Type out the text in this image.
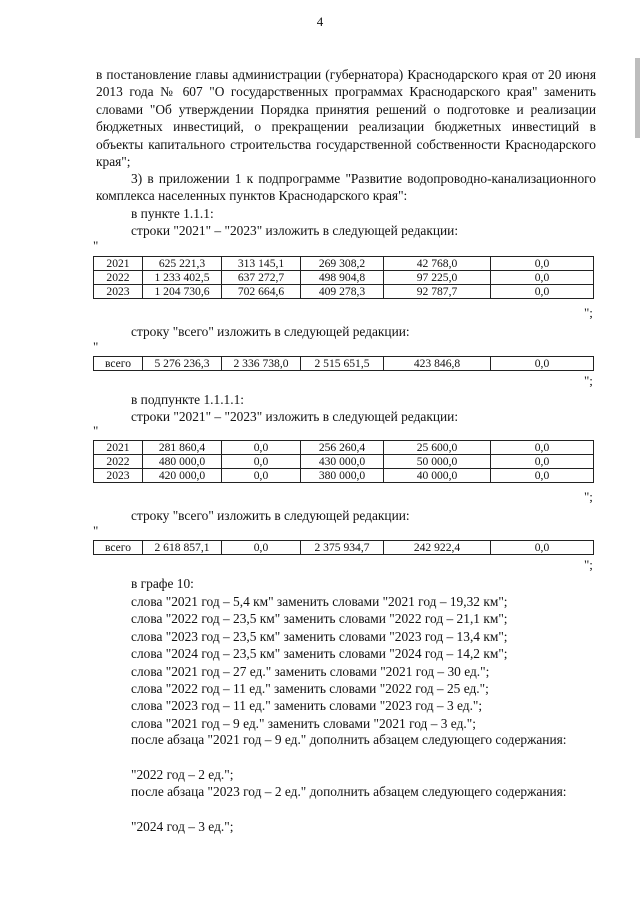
4

в постановление главы администрации (губернатора) Краснодарского края от 20 июня 2013 года № 607 "О государственных программах Краснодарского края" заменить словами "Об утверждении Порядка принятия решений о подготовке и реализации бюджетных инвестиций, о прекращении реализации бюджетных инвестиций в объекты капитального строительства государственной собственности Краснодарского края";

3) в приложении 1 к подпрограмме "Развитие водопроводно-канализационного комплекса населенных пунктов Краснодарского края":

в пункте 1.1.1:

строки "2021" – "2023" изложить в следующей редакции:

"
2021	625 221,3	313 145,1	269 308,2	42 768,0	0,0
2022	1 233 402,5	637 272,7	498 904,8	97 225,0	0,0
2023	1 204 730,6	702 664,6	409 278,3	92 787,7	0,0
";

строку "всего" изложить в следующей редакции:

"
всего	5 276 236,3	2 336 738,0	2 515 651,5	423 846,8	0,0
";

в подпункте 1.1.1.1:

строки "2021" – "2023" изложить в следующей редакции:

"
2021	281 860,4	0,0	256 260,4	25 600,0	0,0
2022	480 000,0	0,0	430 000,0	50 000,0	0,0
2023	420 000,0	0,0	380 000,0	40 000,0	0,0
";

строку "всего" изложить в следующей редакции:

"
всего	2 618 857,1	0,0	2 375 934,7	242 922,4	0,0
";

в графе 10:

слова "2021 год – 5,4 км" заменить словами "2021 год – 19,32 км";

слова "2022 год – 23,5 км" заменить словами "2022 год – 21,1 км";

слова "2023 год – 23,5 км" заменить словами "2023 год – 13,4 км";

слова "2024 год – 23,5 км" заменить словами "2024 год – 14,2 км";

слова "2021 год – 27 ед." заменить словами "2021 год – 30 ед.";

слова "2022 год – 11 ед." заменить словами "2022 год – 25 ед.";

слова "2023 год – 11 ед." заменить словами "2023 год – 3 ед.";

слова "2021 год – 9 ед." заменить словами "2021 год – 3 ед.";

после абзаца "2021 год – 9 ед." дополнить абзацем следующего содержания:

"2022 год – 2 ед.";

после абзаца "2023 год – 2 ед." дополнить абзацем следующего содержания:

"2024 год – 3 ед.";
